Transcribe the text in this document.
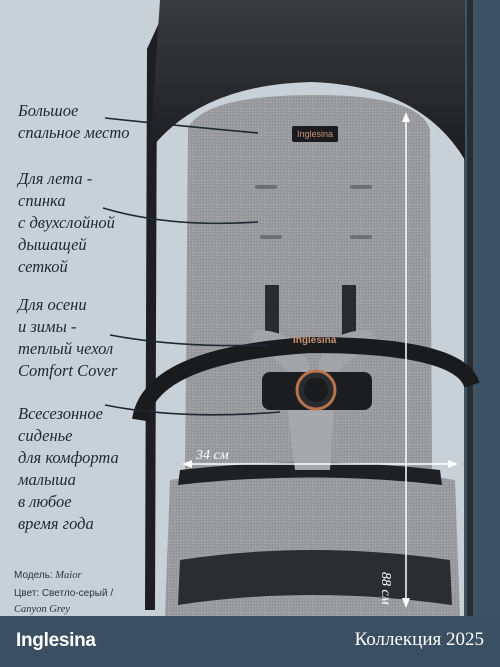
Inglesina
Inglesina

Большое
спальное место

Для лета -
спинка
с двухслойной
дышащей
сеткой

Для осени
и зимы -
теплый чехол
Comfort Cover

Всесезонное
сиденье
для комфорта
малыша
в любое
время года

34 см
88 см
Модель: Maior
Цвет: Светло-серый /
Canyon Grey
Inglesina	Коллекция 2025
